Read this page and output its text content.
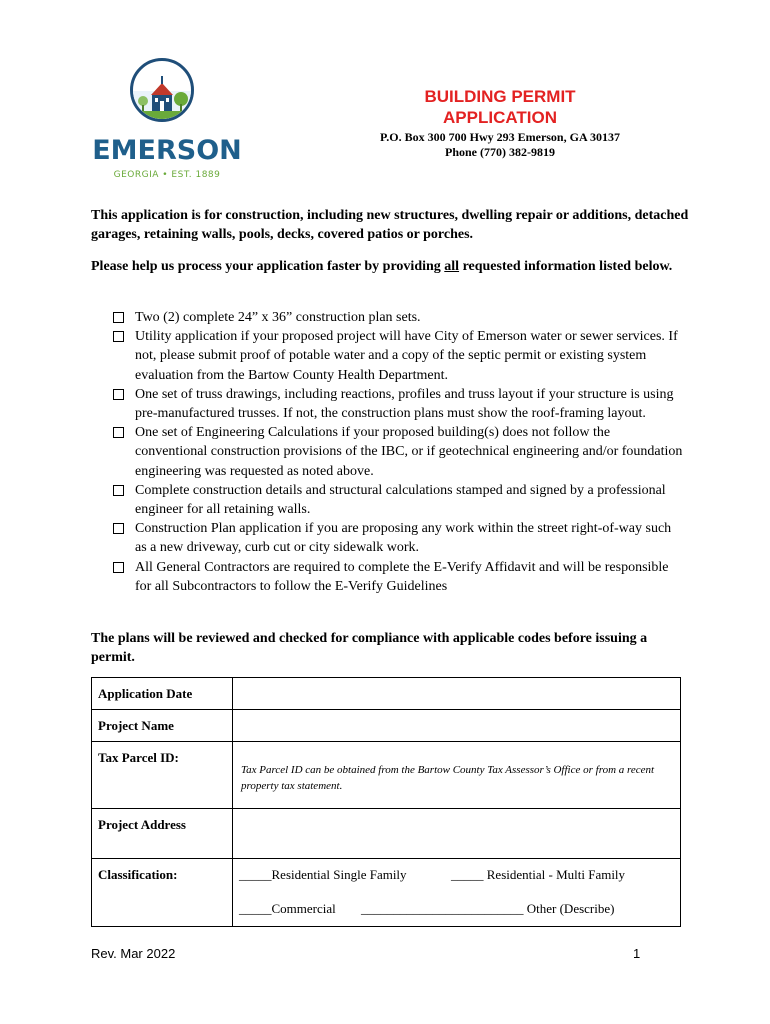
EMERSON
GEORGIA • EST. 1889
BUILDING PERMIT
APPLICATION
P.O. Box 300 700 Hwy 293 Emerson, GA 30137
Phone (770) 382-9819
This application is for construction, including new structures, dwelling repair or additions, detached garages, retaining walls, pools, decks, covered patios or porches.
Please help us process your application faster by providing all requested information listed below.
Two (2) complete 24” x 36” construction plan sets.
Utility application if your proposed project will have City of Emerson water or sewer services. If not, please submit proof of potable water and a copy of the septic permit or existing system evaluation from the Bartow County Health Department.
One set of truss drawings, including reactions, profiles and truss layout if your structure is using pre-manufactured trusses. If not, the construction plans must show the roof-framing layout.
One set of Engineering Calculations if your proposed building(s) does not follow the conventional construction provisions of the IBC, or if geotechnical engineering and/or foundation engineering was requested as noted above.
Complete construction details and structural calculations stamped and signed by a professional engineer for all retaining walls.
Construction Plan application if you are proposing any work within the street right-of-way such as a new driveway, curb cut or city sidewalk work.
All General Contractors are required to complete the E-Verify Affidavit and will be responsible for all Subcontractors to follow the E-Verify Guidelines
The plans will be reviewed and checked for compliance with applicable codes before issuing a permit.
Application Date	
Project Name	
Tax Parcel ID:	Tax Parcel ID can be obtained from the Bartow County Tax Assessor’s Office or from a recent property tax statement.

Project Address	
Classification:	_____Residential Single Family _____ Residential - Multi Family
_____Commercial _________________________ Other (Describe)
Rev. Mar 2022	1
